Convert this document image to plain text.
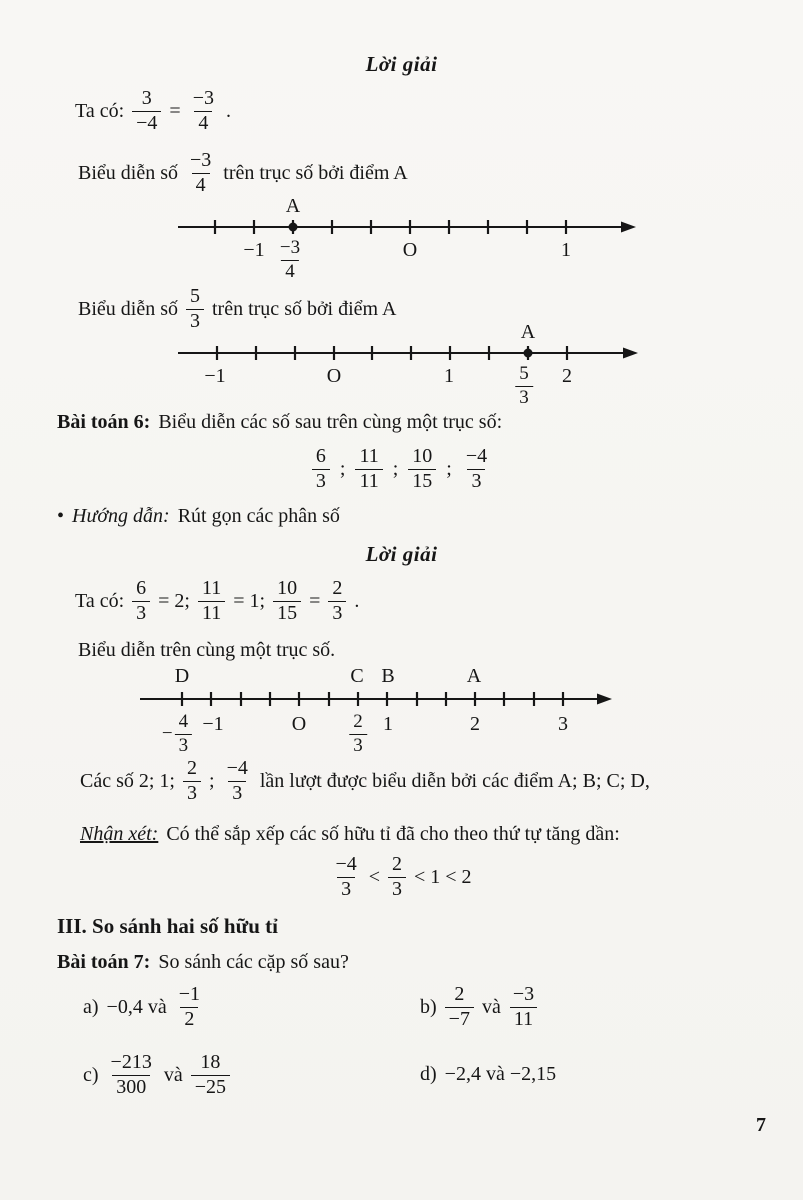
Lời giải
Ta có: $\frac{3}{-4} = \frac{-3}{4}$ .
Biểu diễn số $\frac{-3}{4}$ trên trục số bởi điểm A
A
$-1 \frac{-3}{4}$	O	1
Biểu diễn số $\frac{5}{3}$ trên trục số bởi điểm A
A
−1	O	1	$\frac{5}{3} 2$
Bài toán 6: Biểu diễn các số sau trên cùng một trục số:
$\frac{6}{3}$ ; $\frac{11}{11}$ ; $\frac{10}{15}$ ; $\frac{-4}{3}$
• Hướng dẫn: Rút gọn các phân số
Lời giải
Ta có: $\frac{6}{3} = 2$; $\frac{11}{11} = 1$; $\frac{10}{15} = \frac{2}{3}$ .
Biểu diễn trên cùng một trục số.
D	C B	A
− $\frac{4}{3} -1$	O $\frac{2}{3} 1$	2	3
Các số 2; 1; $\frac{2}{3}$ ; $\frac{-4}{3}$ lần lượt được biểu diễn bởi các điểm A; B; C; D,
Nhận xét: Có thể sắp xếp các số hữu tỉ đã cho theo thứ tự tăng dần:
$\frac{-4}{3} < \frac{2}{3} < 1 < 2$
III. So sánh hai số hữu tỉ
Bài toán 7: So sánh các cặp số sau?
a) −0,4 và $\frac{-1}{2}$	$b) \frac{2}{-7}$ và $\frac{-3}{11}$
$c) \frac{-213}{300}$ và $\frac{18}{-25}$	d) −2,4 và −2,15
7
